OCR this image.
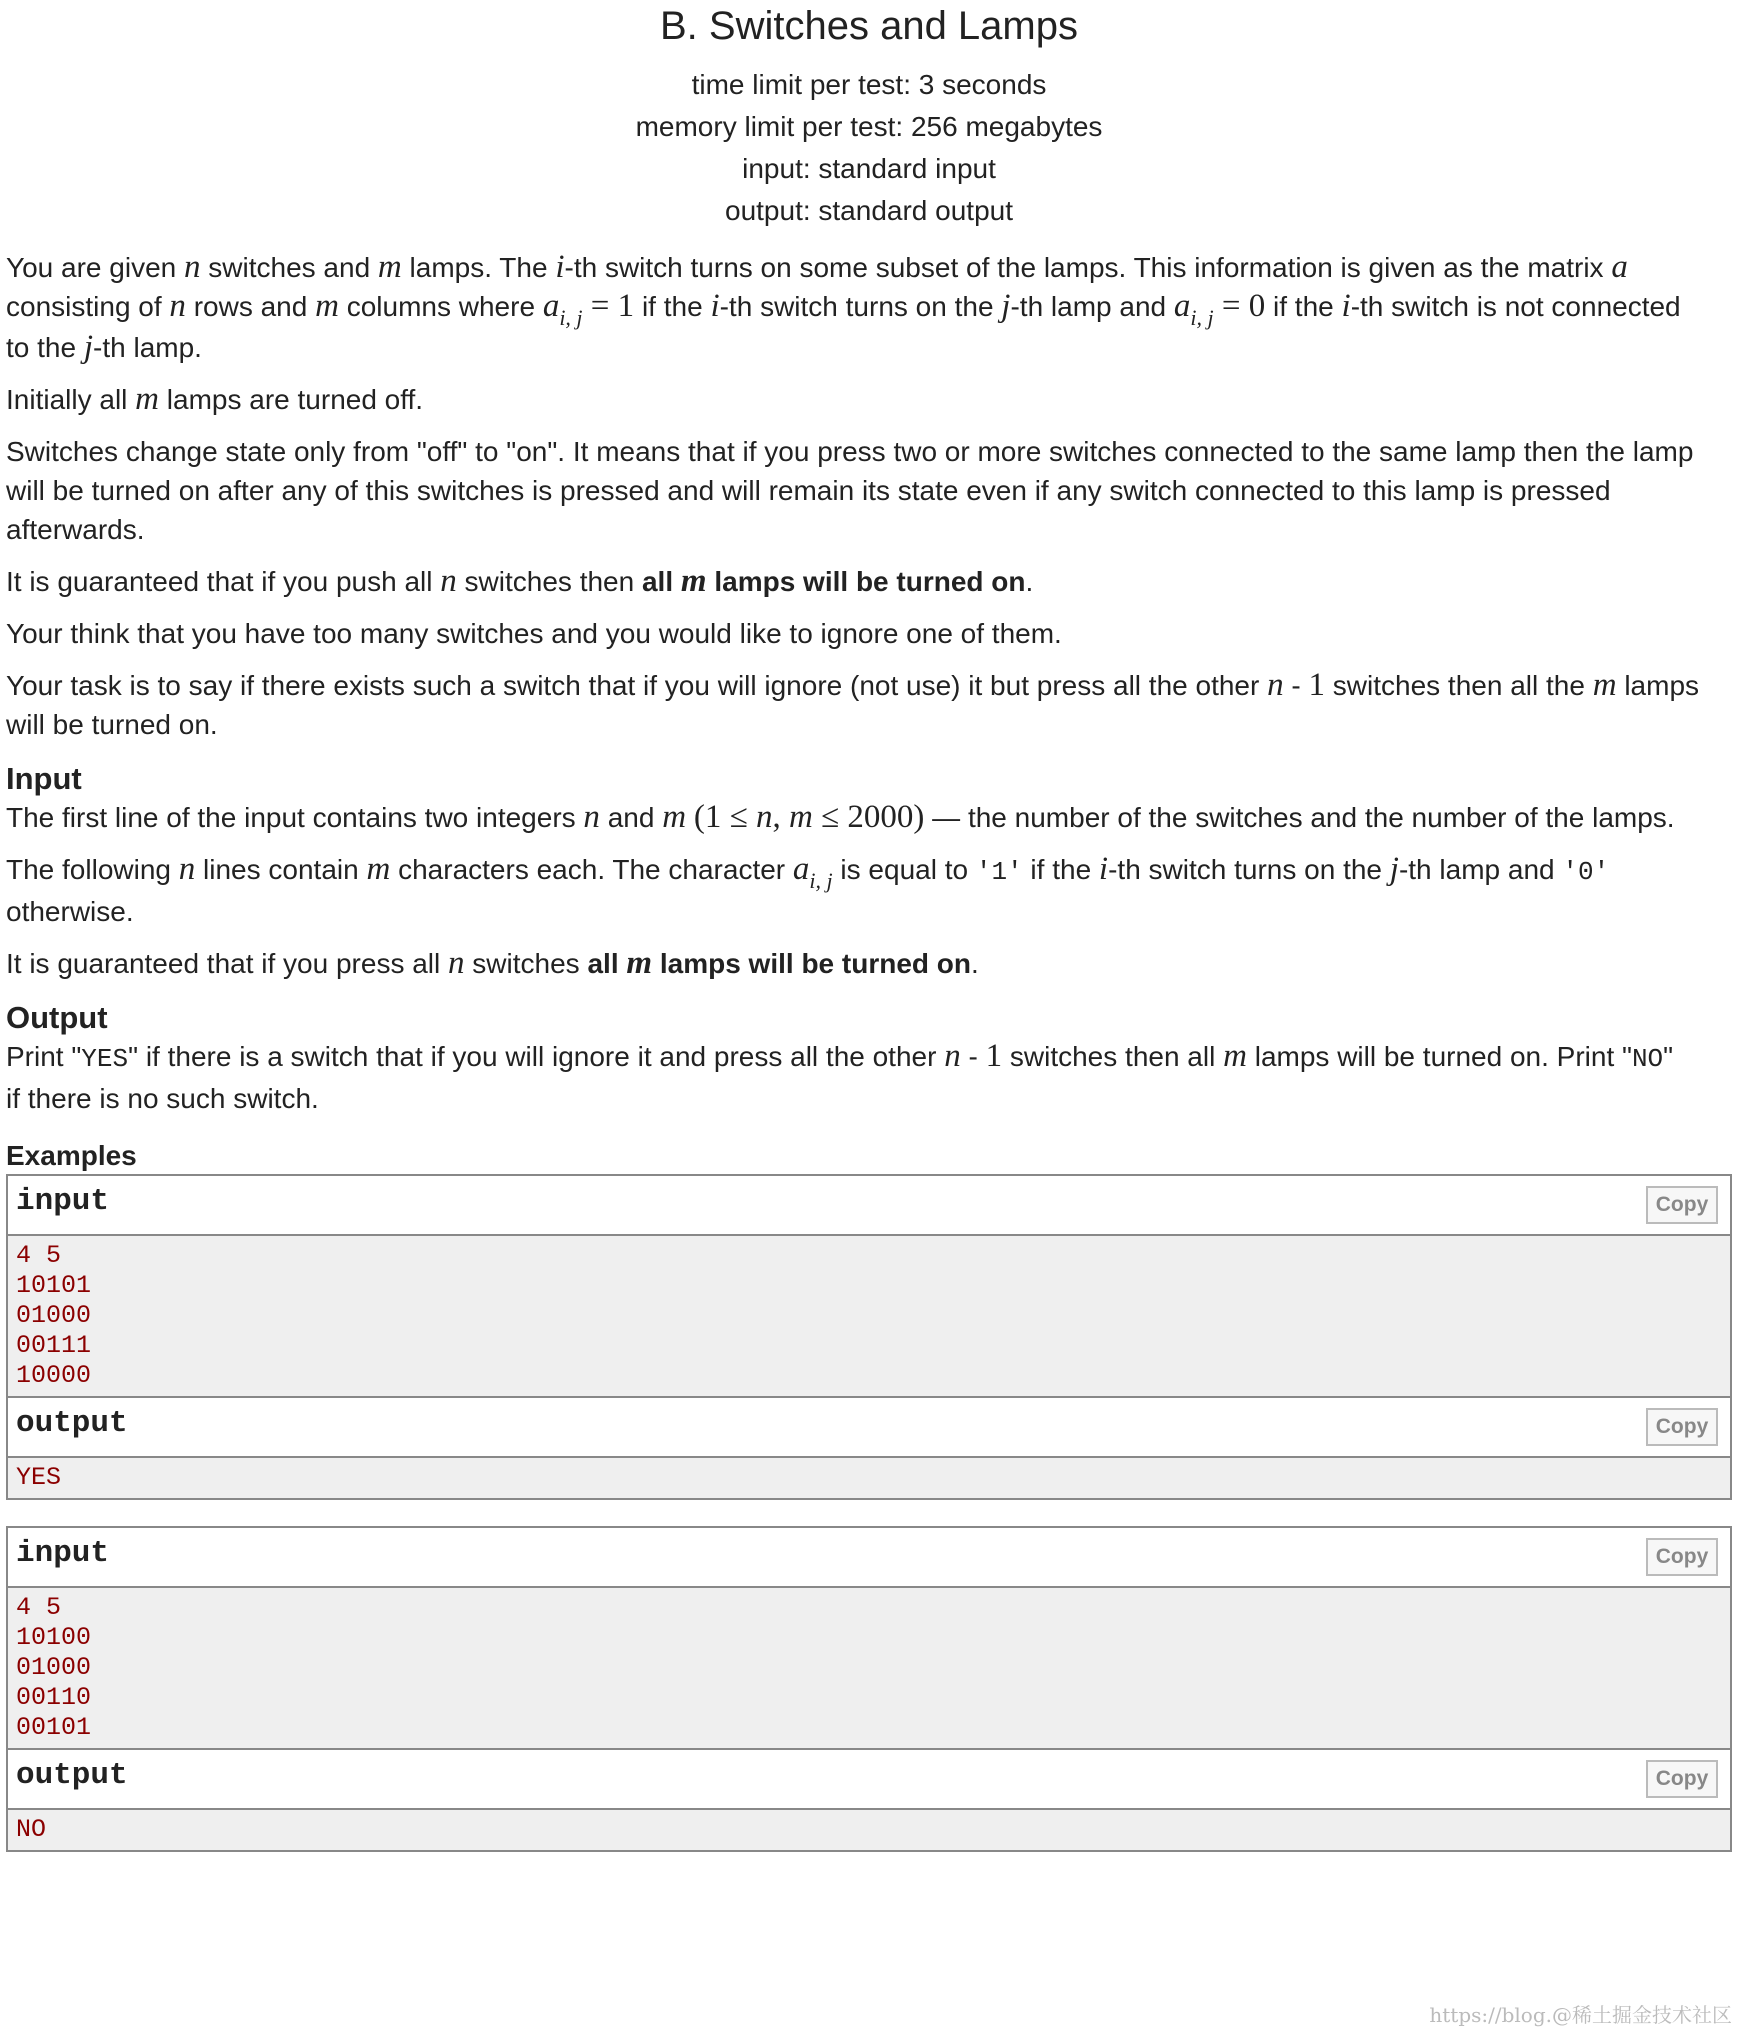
B. Switches and Lamps
time limit per test: 3 seconds
memory limit per test: 256 megabytes
input: standard input
output: standard output

You are given n switches and m lamps. The i-th switch turns on some subset of the lamps. This information is given as the matrix a
consisting of n rows and m columns where $a_{i, j} = 1$ if the i-th switch turns on the j-th lamp and $a_{i, j} = 0$ if the i-th switch is not connected
to the j-th lamp.

Initially all m lamps are turned off.

Switches change state only from "off" to "on". It means that if you press two or more switches connected to the same lamp then the lamp will be turned on after any of this switches is pressed and will remain its state even if any switch connected to this lamp is pressed afterwards.

It is guaranteed that if you push all n switches then all m lamps will be turned on.

Your think that you have too many switches and you would like to ignore one of them.

Your task is to say if there exists such a switch that if you will ignore (not use) it but press all the other n - 1 switches then all the m lamps will be turned on.

Input

The first line of the input contains two integers n and m (1 ≤ n, m ≤ 2000) — the number of the switches and the number of the lamps.

The following n lines contain m characters each. The character $a_{i, j}$ is equal to '1' if the i-th switch turns on the j-th lamp and '0'
otherwise.

It is guaranteed that if you press all n switches all m lamps will be turned on.

Output

Print "YES" if there is a switch that if you will ignore it and press all the other n - 1 switches then all m lamps will be turned on. Print "NO"
if there is no such switch.

Examples
input	Copy
4 5
10101
01000
00111
10000
output	Copy
YES
input	Copy
4 5
10100
01000
00110
00101
output	Copy
NO
https://blog.@稀土掘金技术社区
